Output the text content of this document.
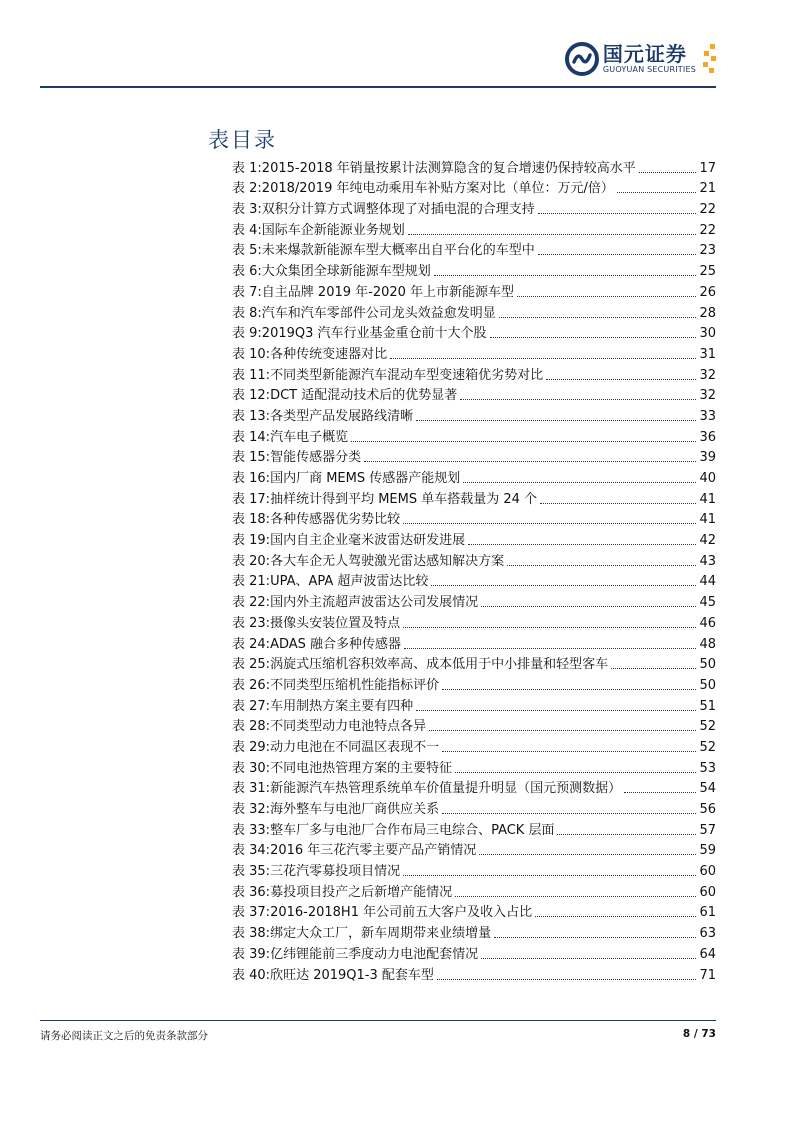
国元证券
GUOYUAN SECURITIES
表目录
表 1: 2015-2018 年销量按累计法测算隐含的复合增速仍保持较高水平	17
表 2: 2018/2019 年纯电动乘用车补贴方案对比（单位：万元/倍）	21
表 3: 双积分计算方式调整体现了对插电混的合理支持	22
表 4: 国际车企新能源业务规划	22
表 5: 未来爆款新能源车型大概率出自平台化的车型中	23
表 6: 大众集团全球新能源车型规划	25
表 7: 自主品牌 2019 年-2020 年上市新能源车型	26
表 8: 汽车和汽车零部件公司龙头效益愈发明显	28
表 9: 2019Q3 汽车行业基金重仓前十大个股	30
表 10: 各种传统变速器对比	31
表 11: 不同类型新能源汽车混动车型变速箱优劣势对比	32
表 12: DCT 适配混动技术后的优势显著	32
表 13: 各类型产品发展路线清晰	33
表 14: 汽车电子概览	36
表 15: 智能传感器分类	39
表 16: 国内厂商 MEMS 传感器产能规划	40
表 17: 抽样统计得到平均 MEMS 单车搭载量为 24 个	41
表 18: 各种传感器优劣势比较	41
表 19: 国内自主企业毫米波雷达研发进展	42
表 20: 各大车企无人驾驶激光雷达感知解决方案	43
表 21: UPA、APA 超声波雷达比较	44
表 22: 国内外主流超声波雷达公司发展情况	45
表 23: 摄像头安装位置及特点	46
表 24: ADAS 融合多种传感器	48
表 25: 涡旋式压缩机容积效率高、成本低用于中小排量和轻型客车	50
表 26: 不同类型压缩机性能指标评价	50
表 27: 车用制热方案主要有四种	51
表 28: 不同类型动力电池特点各异	52
表 29: 动力电池在不同温区表现不一	52
表 30: 不同电池热管理方案的主要特征	53
表 31: 新能源汽车热管理系统单车价值量提升明显（国元预测数据）	54
表 32: 海外整车与电池厂商供应关系	56
表 33: 整车厂多与电池厂合作布局三电综合、PACK 层面	57
表 34: 2016 年三花汽零主要产品产销情况	59
表 35: 三花汽零募投项目情况	60
表 36: 募投项目投产之后新增产能情况	60
表 37: 2016-2018H1 年公司前五大客户及收入占比	61
表 38: 绑定大众工厂，新车周期带来业绩增量	63
表 39: 亿纬锂能前三季度动力电池配套情况	64
表 40: 欣旺达 2019Q1-3 配套车型	71
请务必阅读正文之后的免责条款部分	8 / 73
